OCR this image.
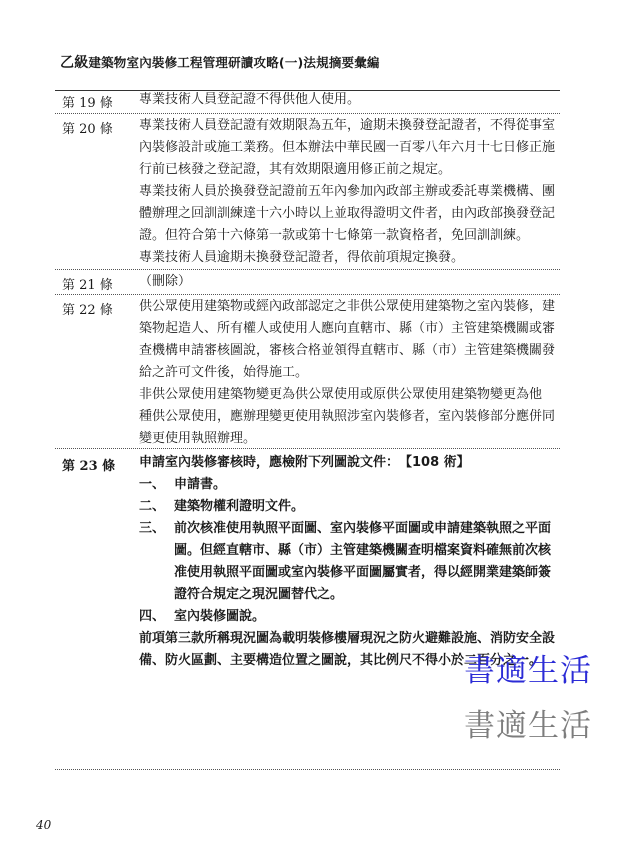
乙級建築物室內裝修工程管理研讀攻略(一)法規摘要彙編
第 19 條 專業技術人員登記證不得供他人使用。
第 20 條 專業技術人員登記證有效期限為五年，逾期未換發登記證者，不得從事室
內裝修設計或施工業務。但本辦法中華民國一百零八年六月十七日修正施
行前已核發之登記證，其有效期限適用修正前之規定。
專業技術人員於換發登記證前五年內參加內政部主辦或委託專業機構、團
體辦理之回訓訓練達十六小時以上並取得證明文件者，由內政部換發登記
證。但符合第十六條第一款或第十七條第一款資格者，免回訓訓練。
專業技術人員逾期未換發登記證者，得依前項規定換發。
第 21 條 （刪除）
第 22 條 供公眾使用建築物或經內政部認定之非供公眾使用建築物之室內裝修，建
築物起造人、所有權人或使用人應向直轄市、縣（市）主管建築機關或審
查機構申請審核圖說，審核合格並領得直轄市、縣（市）主管建築機關發
給之許可文件後，始得施工。
非供公眾使用建築物變更為供公眾使用或原供公眾使用建築物變更為他
種供公眾使用，應辦理變更使用執照涉室內裝修者，室內裝修部分應併同
變更使用執照辦理。
第 23 條 申請室內裝修審核時，應檢附下列圖說文件：　【108 術】
一、 申請書。
二、 建築物權利證明文件。
三、 前次核准使用執照平面圖、室內裝修平面圖或申請建築執照之平面
圖。但經直轄市、縣（市）主管建築機關查明檔案資料確無前次核
准使用執照平面圖或室內裝修平面圖屬實者，得以經開業建築師簽
證符合規定之現況圖替代之。
四、 室內裝修圖說。
前項第三款所稱現況圖為載明裝修樓層現況之防火避難設施、消防安全設
備、防火區劃、主要構造位置之圖說，其比例尺不得小於二百分之一。
書適生活
書適生活
40
